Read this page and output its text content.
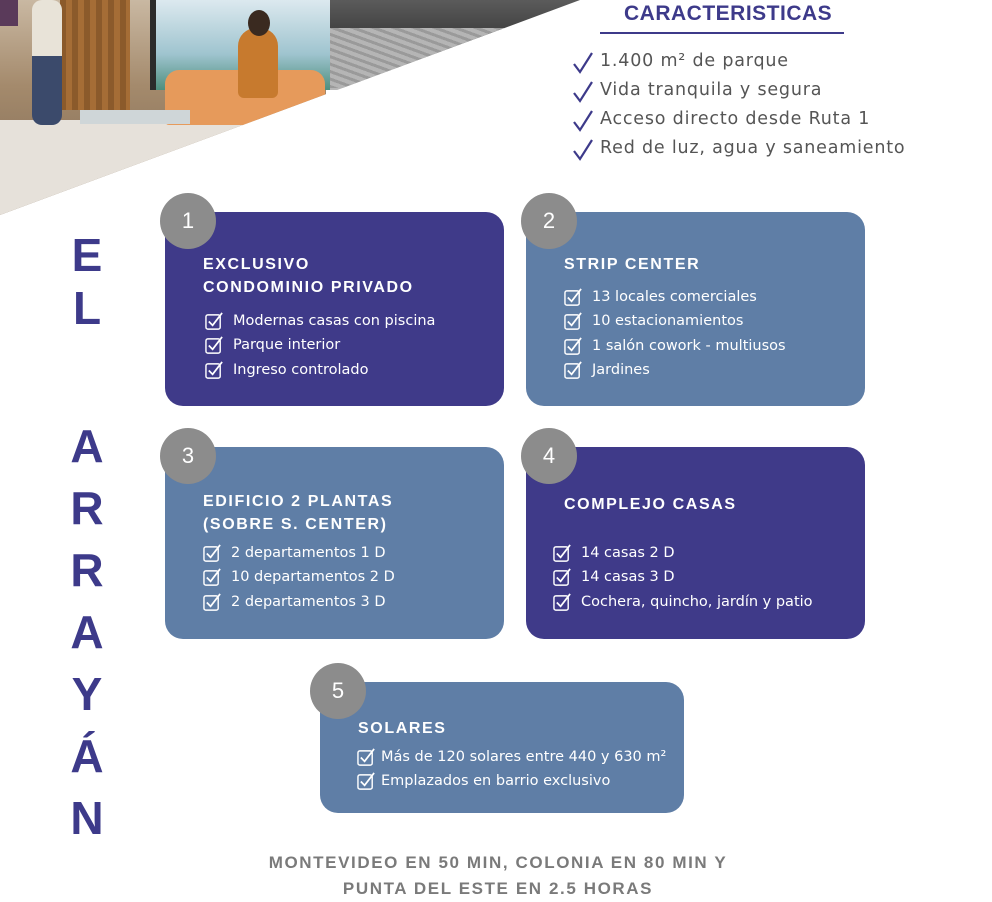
CARACTERISTICAS
1.400 m² de parque
Vida tranquila y segura
Acceso directo desde Ruta 1
Red de luz, agua y saneamiento
E
L
A
R
R
A
Y
Á
N
EXCLUSIVO
CONDOMINIO PRIVADO
Modernas casas con piscina
Parque interior
Ingreso controlado
1
STRIP CENTER
13 locales comerciales
10 estacionamientos
1 salón cowork - multiusos
Jardines
2
EDIFICIO 2 PLANTAS
(SOBRE S. CENTER)
2 departamentos 1 D
10 departamentos 2 D
2 departamentos 3 D
3
COMPLEJO CASAS
14 casas 2 D
14 casas 3 D
Cochera, quincho, jardín y patio
4
SOLARES
Más de 120 solares entre 440 y 630 m²
Emplazados en barrio exclusivo
5
MONTEVIDEO EN 50 MIN, COLONIA EN 80 MIN Y PUNTA DEL ESTE EN 2.5 HORAS
